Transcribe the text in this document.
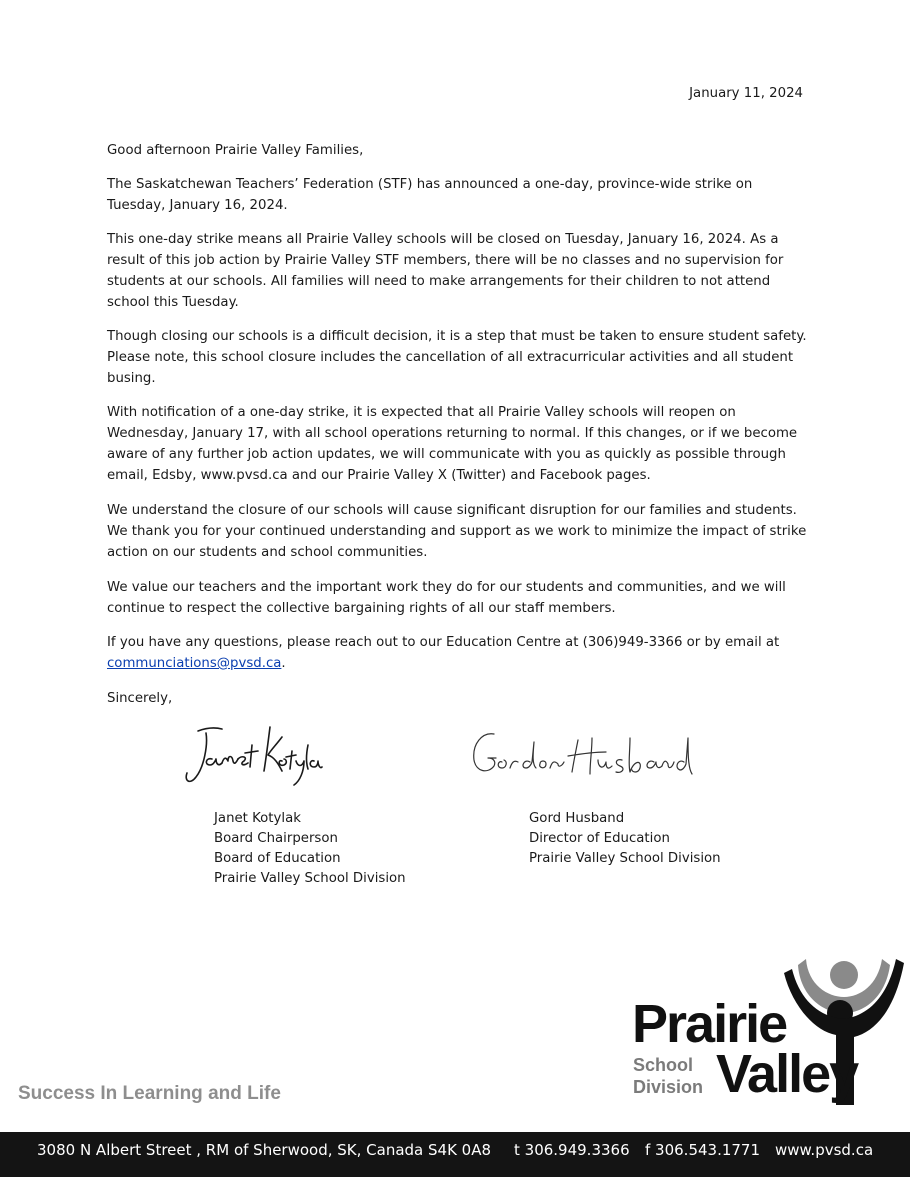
January 11, 2024

Good afternoon Prairie Valley Families,

The Saskatchewan Teachers’ Federation (STF) has announced a one-day, province-wide strike on Tuesday, January 16, 2024.

This one-day strike means all Prairie Valley schools will be closed on Tuesday, January 16, 2024. As a result of this job action by Prairie Valley STF members, there will be no classes and no supervision for students at our schools. All families will need to make arrangements for their children to not attend school this Tuesday.

Though closing our schools is a difficult decision, it is a step that must be taken to ensure student safety. Please note, this school closure includes the cancellation of all extracurricular activities and all student busing.

With notification of a one-day strike, it is expected that all Prairie Valley schools will reopen on Wednesday, January 17, with all school operations returning to normal. If this changes, or if we become aware of any further job action updates, we will communicate with you as quickly as possible through email, Edsby, www.pvsd.ca and our Prairie Valley X (Twitter) and Facebook pages.

We understand the closure of our schools will cause significant disruption for our families and students. We thank you for your continued understanding and support as we work to minimize the impact of strike action on our students and school communities.

We value our teachers and the important work they do for our students and communities, and we will continue to respect the collective bargaining rights of all our staff members.

If you have any questions, please reach out to our Education Centre at (306)949-3366 or by email at communciations@pvsd.ca.

Sincerely,

Janet Kotylak
Gordon Husband
Janet Kotylak
Board Chairperson
Board of Education
Prairie Valley School Division
Gord Husband
Director of Education
Prairie Valley School Division
Success In Learning and Life
Prairie
Valley
School
Division
3080 N Albert Street , RM of Sherwood, SK, Canada S4K 0A8 t 306.949.3366 f 306.543.1771 www.pvsd.ca
